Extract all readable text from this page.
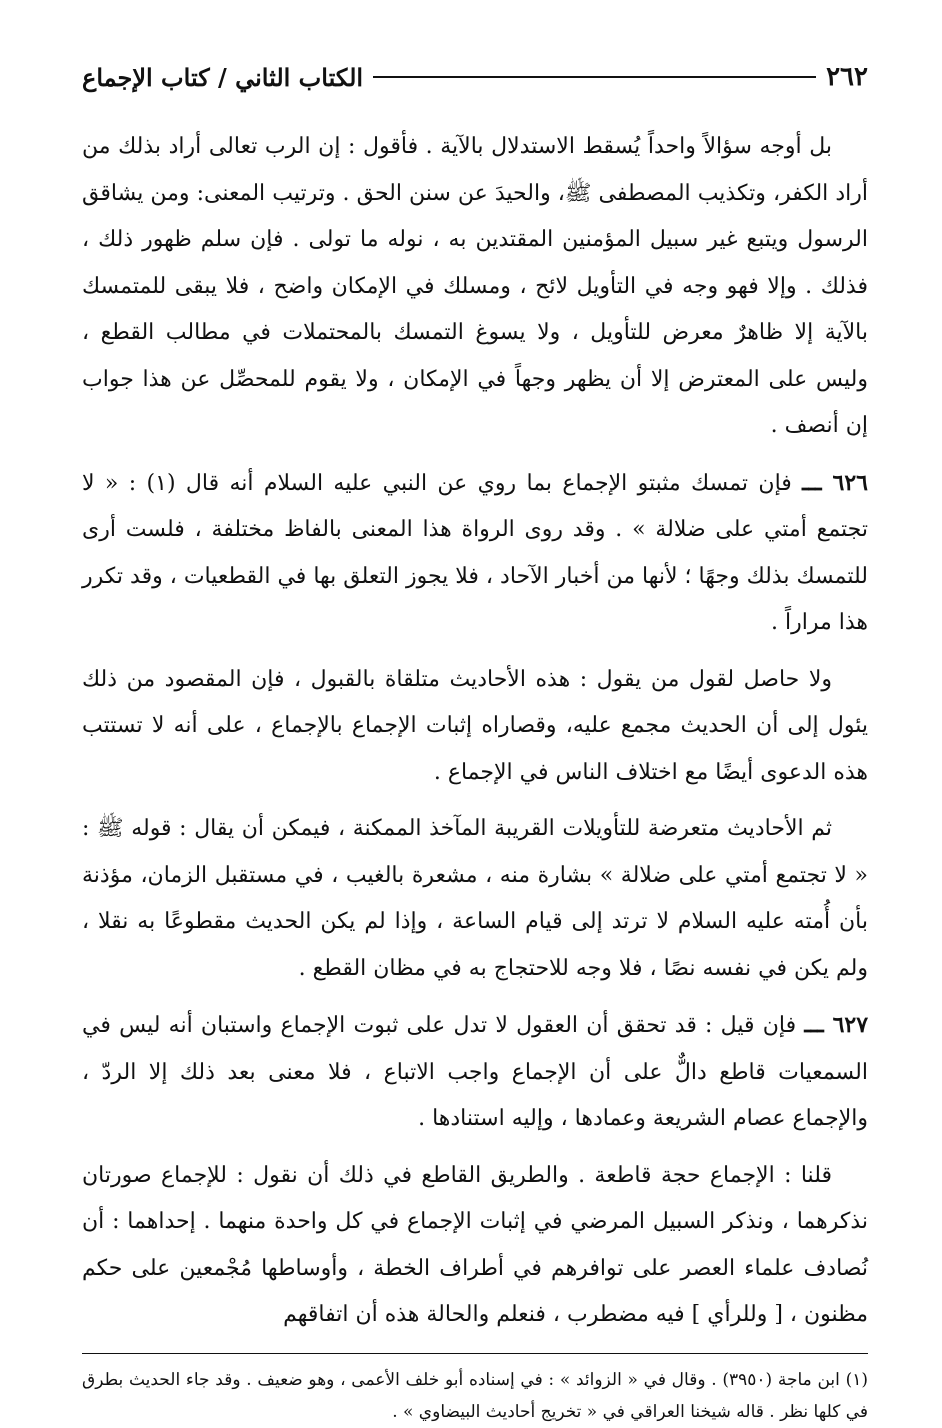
٢٦٢
الكتاب الثاني / كتاب الإجماع

بل أوجه سؤالاً واحداً يُسقط الاستدلال بالآية . فأقول : إن الرب تعالى أراد بذلك من أراد الكفر، وتكذيب المصطفى ﷺ، والحيدَ عن سنن الحق . وترتيب المعنى: ومن يشاقق الرسول ويتبع غير سبيل المؤمنين المقتدين به ، نوله ما تولى . فإن سلم ظهور ذلك ، فذلك . وإلا فهو وجه في التأويل لائح ، ومسلك في الإمكان واضح ، فلا يبقى للمتمسك بالآية إلا ظاهرٌ معرض للتأويل ، ولا يسوغ التمسك بالمحتملات في مطالب القطع ، وليس على المعترض إلا أن يظهر وجهاً في الإمكان ، ولا يقوم للمحصِّل عن هذا جواب إن أنصف .

٦٢٦ ـــ فإن تمسك مثبتو الإجماع بما روي عن النبي عليه السلام أنه قال (١) : « لا تجتمع أمتي على ضلالة » . وقد روى الرواة هذا المعنى بالفاظ مختلفة ، فلست أرى للتمسك بذلك وجهًا ؛ لأنها من أخبار الآحاد ، فلا يجوز التعلق بها في القطعيات ، وقد تكرر هذا مراراً .

ولا حاصل لقول من يقول : هذه الأحاديث متلقاة بالقبول ، فإن المقصود من ذلك يئول إلى أن الحديث مجمع عليه، وقصاراه إثبات الإجماع بالإجماع ، على أنه لا تستتب هذه الدعوى أيضًا مع اختلاف الناس في الإجماع .

ثم الأحاديث متعرضة للتأويلات القريبة المآخذ الممكنة ، فيمكن أن يقال : قوله ﷺ : « لا تجتمع أمتي على ضلالة » بشارة منه ، مشعرة بالغيب ، في مستقبل الزمان، مؤذنة بأن أُمته عليه السلام لا ترتد إلى قيام الساعة ، وإذا لم يكن الحديث مقطوعًا به نقلا ، ولم يكن في نفسه نصًا ، فلا وجه للاحتجاج به في مظان القطع .

٦٢٧ ـــ فإن قيل : قد تحقق أن العقول لا تدل على ثبوت الإجماع واستبان أنه ليس في السمعيات قاطع دالٌّ على أن الإجماع واجب الاتباع ، فلا معنى بعد ذلك إلا الردّ ، والإجماع عصام الشريعة وعمادها ، وإليه استنادها .

قلنا : الإجماع حجة قاطعة . والطريق القاطع في ذلك أن نقول : للإجماع صورتان نذكرهما ، ونذكر السبيل المرضي في إثبات الإجماع في كل واحدة منهما . إحداهما : أن نُصادف علماء العصر على توافرهم في أطراف الخطة ، وأوساطها مُجْمعين على حكم مظنون ، [ وللرأي ] فيه مضطرب ، فنعلم والحالة هذه أن اتفاقهم

(١) ابن ماجة (٣٩٥٠) . وقال في « الزوائد » : في إسناده أبو خلف الأعمى ، وهو ضعيف . وقد جاء الحديث بطرق في كلها نظر . قاله شيخنا العراقي في « تخريج أحاديث البيضاوي » .
